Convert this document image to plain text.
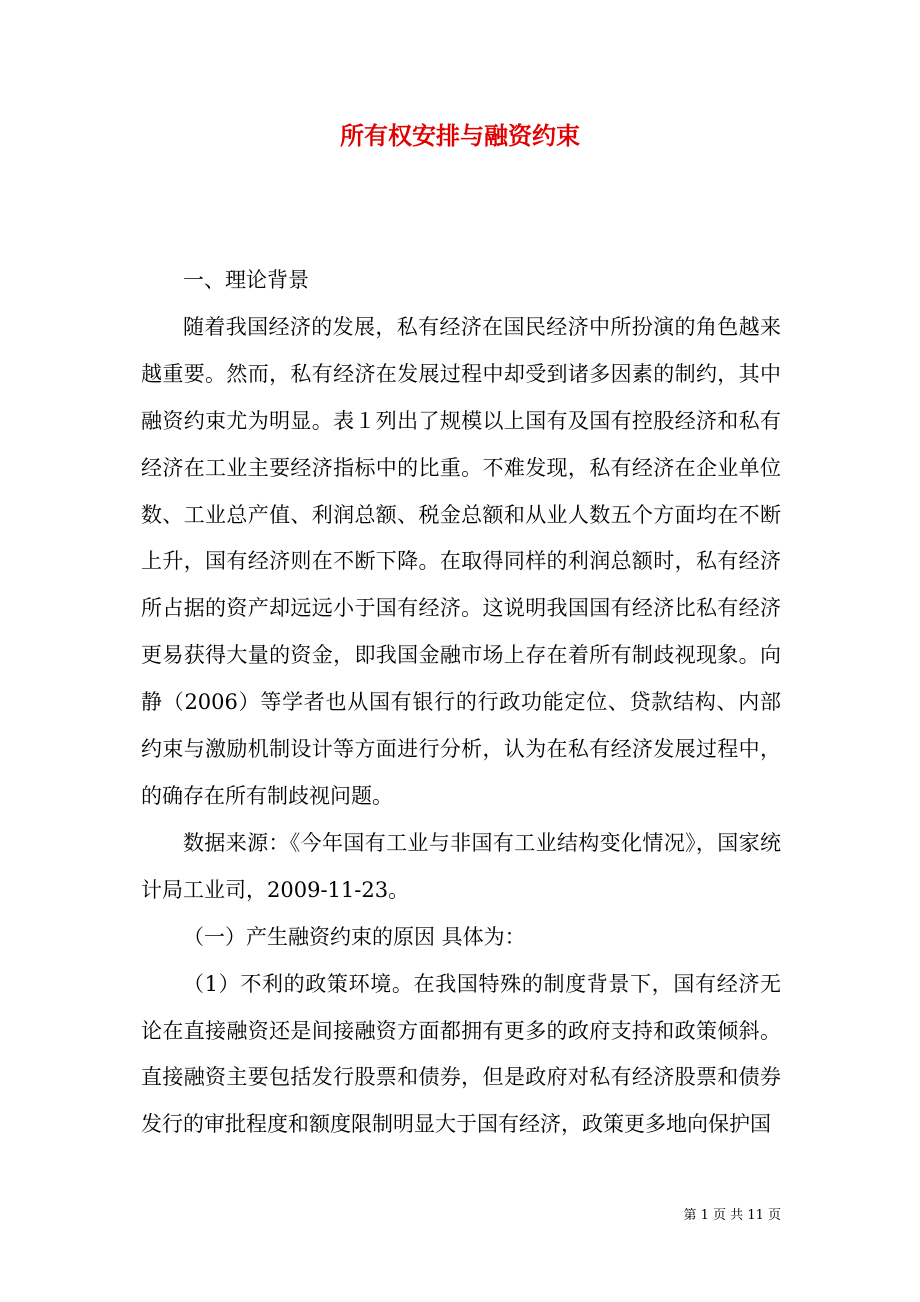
所有权安排与融资约束

一、理论背景

随着我国经济的发展，私有经济在国民经济中所扮演的角色越来越重要。然而，私有经济在发展过程中却受到诸多因素的制约，其中融资约束尤为明显。表１列出了规模以上国有及国有控股经济和私有经济在工业主要经济指标中的比重。不难发现，私有经济在企业单位数、工业总产值、利润总额、税金总额和从业人数五个方面均在不断上升，国有经济则在不断下降。在取得同样的利润总额时，私有经济所占据的资产却远远小于国有经济。这说明我国国有经济比私有经济更易获得大量的资金，即我国金融市场上存在着所有制歧视现象。向静（2006）等学者也从国有银行的行政功能定位、贷款结构、内部约束与激励机制设计等方面进行分析，认为在私有经济发展过程中，的确存在所有制歧视问题。

数据来源：《今年国有工业与非国有工业结构变化情况》，国家统计局工业司，2009-11-23。

（一）产生融资约束的原因 具体为：

（1）不利的政策环境。在我国特殊的制度背景下，国有经济无论在直接融资还是间接融资方面都拥有更多的政府支持和政策倾斜。直接融资主要包括发行股票和债券，但是政府对私有经济股票和债券发行的审批程度和额度限制明显大于国有经济，政策更多地向保护国

第 1 页 共 11 页
